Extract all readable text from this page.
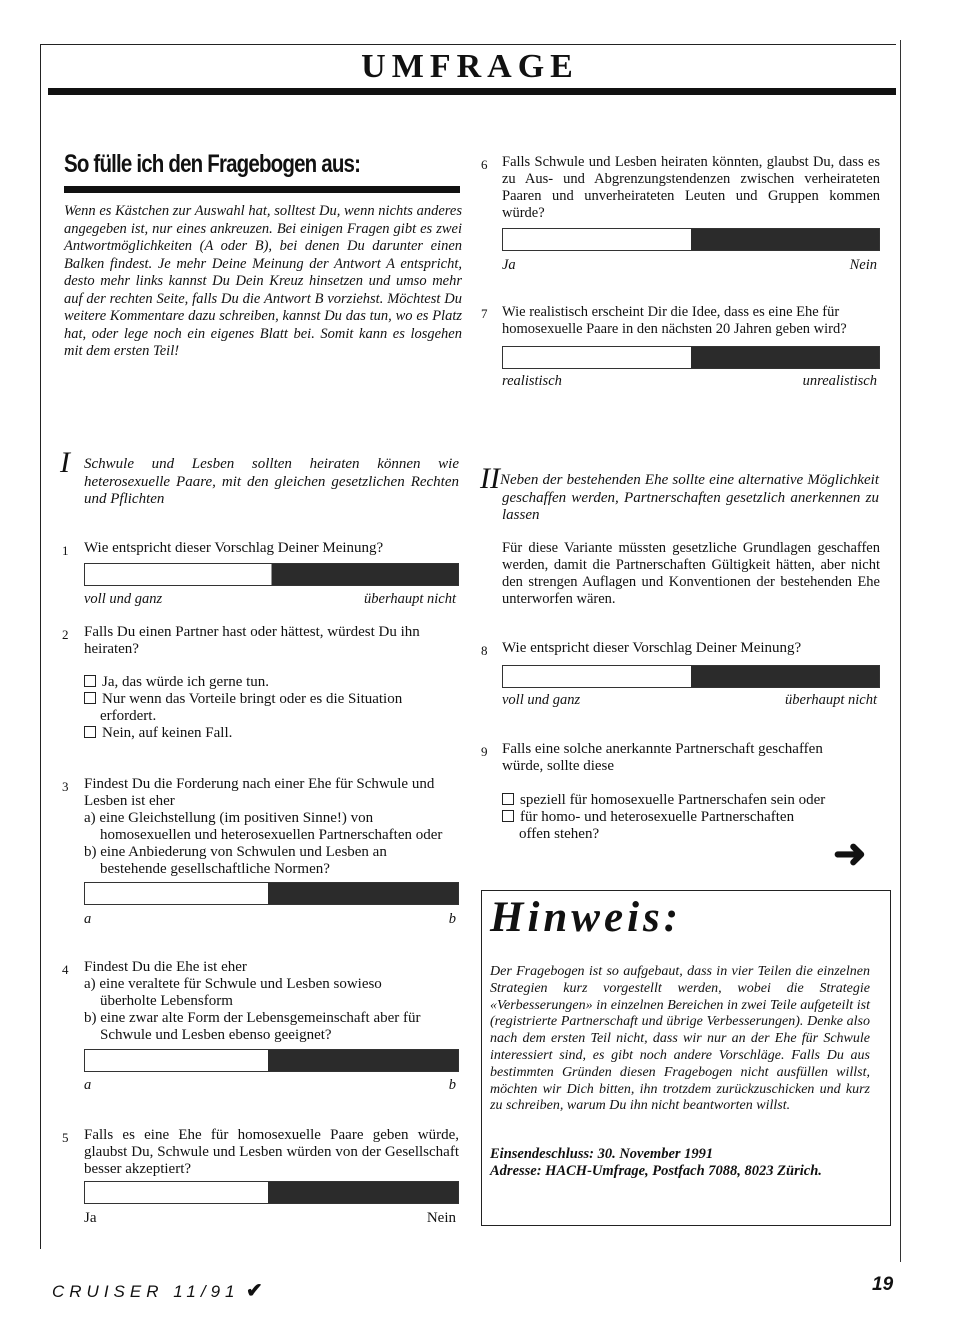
UMFRAGE
So fülle ich den Fragebogen aus:
Wenn es Kästchen zur Auswahl hat, solltest Du, wenn nichts anderes angegeben ist, nur eines ankreuzen. Bei einigen Fragen gibt es zwei Antwortmöglichkeiten (A oder B), bei denen Du darunter einen Balken findest. Je mehr Deine Meinung der Antwort A entspricht, desto mehr links kannst Du Dein Kreuz hinsetzen und umso mehr auf der rechten Seite, falls Du die Antwort B vorziehst. Möchtest Du weitere Kommentare dazu schreiben, kannst Du das tun, wo es Platz hat, oder lege noch ein eigenes Blatt bei. Somit kann es losgehen mit dem ersten Teil!
6 Falls Schwule und Lesben heiraten könnten, glaubst Du, dass es zu Aus- und Abgrenzungstendenzen zwischen verheirateten Paaren und unverheirateten Leuten und Gruppen kommen würde?
Ja	Nein
7 Wie realistisch erscheint Dir die Idee, dass es eine Ehe für homosexuelle Paare in den nächsten 20 Jahren geben wird?
realistisch	unrealistisch
I Schwule und Lesben sollten heiraten können wie heterosexuelle Paare, mit den gleichen gesetzlichen Rechten und Pflichten
II Neben der bestehenden Ehe sollte eine alternative Möglichkeit geschaffen werden, Partnerschaften gesetzlich anerkennen zu lassen
Für diese Variante müssten gesetzliche Grundlagen geschaffen werden, damit die Partnerschaften Gültigkeit hätten, aber nicht den strengen Auflagen und Konventionen der bestehenden Ehe unterworfen wären.
1 Wie entspricht dieser Vorschlag Deiner Meinung?
voll und ganz	überhaupt nicht
2 Falls Du einen Partner hast oder hättest, würdest Du ihn heiraten?
Ja, das würde ich gerne tun.
Nur wenn das Vorteile bringt oder es die Situation erfordert.
Nein, auf keinen Fall.
3 Findest Du die Forderung nach einer Ehe für Schwule und Lesben ist eher
a) eine Gleichstellung (im positiven Sinne!) von homosexuellen und heterosexuellen Partnerschaften oder
b) eine Anbiederung von Schwulen und Lesben an bestehende gesellschaftliche Normen?
a	b
4 Findest Du die Ehe ist eher
a) eine veraltete für Schwule und Lesben sowieso überholte Lebensform
b) eine zwar alte Form der Lebensgemeinschaft aber für Schwule und Lesben ebenso geeignet?
a	b
5 Falls es eine Ehe für homosexuelle Paare geben würde, glaubst Du, Schwule und Lesben würden von der Gesellschaft besser akzeptiert?
Ja	Nein
8 Wie entspricht dieser Vorschlag Deiner Meinung?
voll und ganz	überhaupt nicht
9 Falls eine solche anerkannte Partnerschaft geschaffen würde, sollte diese
speziell für homosexuelle Partnerschafen sein oder
für homo- und heterosexuelle Partnerschaften
offen stehen?	➜
Hinweis:
Der Fragebogen ist so aufgebaut, dass in vier Teilen die einzelnen Strategien kurz vorgestellt werden, wobei die Strategie «Verbesserungen» in einzelnen Bereichen in zwei Teile aufgeteilt ist (registrierte Partnerschaft und übrige Verbesserungen). Denke also nach dem ersten Teil nicht, dass wir nur an der Ehe für Schwule interessiert sind, es gibt noch andere Vorschläge. Falls Du aus bestimmten Gründen diesen Fragebogen nicht ausfüllen willst, möchten wir Dich bitten, ihn trotzdem zurückzuschicken und kurz zu schreiben, warum Du ihn nicht beantworten willst.
Einsendeschluss: 30. November 1991
Adresse: HACH-Umfrage, Postfach 7088, 8023 Zürich.
CRUISER 11/91 ✔	19
